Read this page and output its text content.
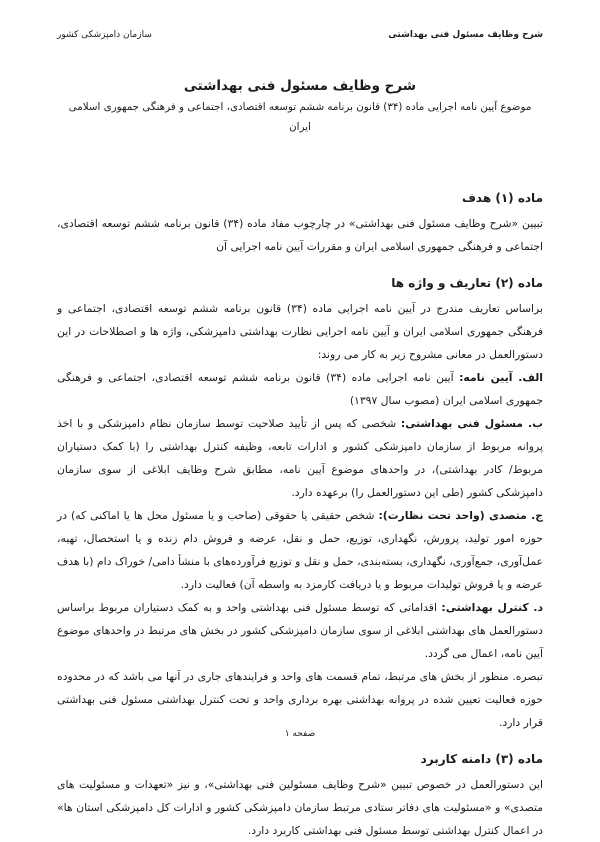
شرح وظایف مسئول فنی بهداشتی
سازمان دامپزشکی کشور
شرح وظایف مسئول فنی بهداشتی

موضوع آیین نامه اجرایی ماده (۳۴) قانون برنامه ششم توسعه اقتصادی، اجتماعی و فرهنگی جمهوری اسلامی ایران

ماده (۱) هدف

تبیین «شرح وظایف مسئول فنی بهداشتی» در چارچوب مفاد ماده (۳۴) قانون برنامه ششم توسعه اقتصادی، اجتماعی و فرهنگی جمهوری اسلامی ایران و مقررات آیین نامه اجرایی آن

ماده (۲) تعاریف و واژه ها

براساس تعاریف مندرج در آیین نامه اجرایی ماده (۳۴) قانون برنامه ششم توسعه اقتصادی، اجتماعی و فرهنگی جمهوری اسلامی ایران و آیین نامه اجرایی نظارت بهداشتی دامپزشکی، واژه ها و اصطلاحات در این دستورالعمل در معانی مشروح زیر به کار می روند:

الف. آیین نامه: آیین نامه اجرایی ماده (۳۴) قانون برنامه ششم توسعه اقتصادی، اجتماعی و فرهنگی جمهوری اسلامی ایران (مصوب سال ۱۳۹۷)

ب. مسئول فنی بهداشتی: شخصی که پس از تأیید صلاحیت توسط سازمان نظام دامپزشکی و با اخذ پروانه مربوط از سازمان دامپزشکی کشور و ادارات تابعه، وظیفه کنترل بهداشتی را (با کمک دستیاران مربوط/ کادر بهداشتی)، در واحدهای موضوع آیین نامه، مطابق شرح وظایف ابلاغی از سوی سازمان دامپزشکی کشور (طی این دستورالعمل را) برعهده دارد.

ج. متصدی (واحد تحت نظارت): شخص حقیقی یا حقوقی (صاحب و یا مسئول محل ها یا اماکنی که) در حوزه امور تولید، پرورش، نگهداری، توزیع، حمل و نقل، عرضه و فروش دام زنده و یا استحصال، تهیه، عمل‌آوری، جمع‌آوری، نگهداری، بسته‌بندی، حمل و نقل و توزیع فرآورده‌های با منشأ دامی/ خوراک دام (با هدف عرضه و یا فروش تولیدات مربوط و یا دریافت کارمزد به واسطه آن) فعالیت دارد.

د. کنترل بهداشتی: اقداماتی که توسط مسئول فنی بهداشتی واحد و به کمک دستیاران مربوط براساس دستورالعمل های بهداشتی ابلاغی از سوی سازمان دامپزشکی کشور در بخش های مرتبط در واحدهای موضوع آیین نامه، اعمال می گردد.

تبصره. منظور از بخش های مرتبط، تمام قسمت های واحد و فرایندهای جاری در آنها می باشد که در محدوده حوزه فعالیت تعیین شده در پروانه بهداشتی بهره برداری واحد و تحت کنترل بهداشتی مسئول فنی بهداشتی قرار دارد.

ماده (۳) دامنه کاربرد

این دستورالعمل در خصوص تبیین «شرح وظایف مسئولین فنی بهداشتی»، و نیز «تعهدات و مسئولیت های متصدی» و «مسئولیت های دفاتر ستادی مرتبط سازمان دامپزشکی کشور و ادارات کل دامپزشکی استان ها» در اعمال کنترل بهداشتی توسط مسئول فنی بهداشتی کاربرد دارد.

صفحه ۱
